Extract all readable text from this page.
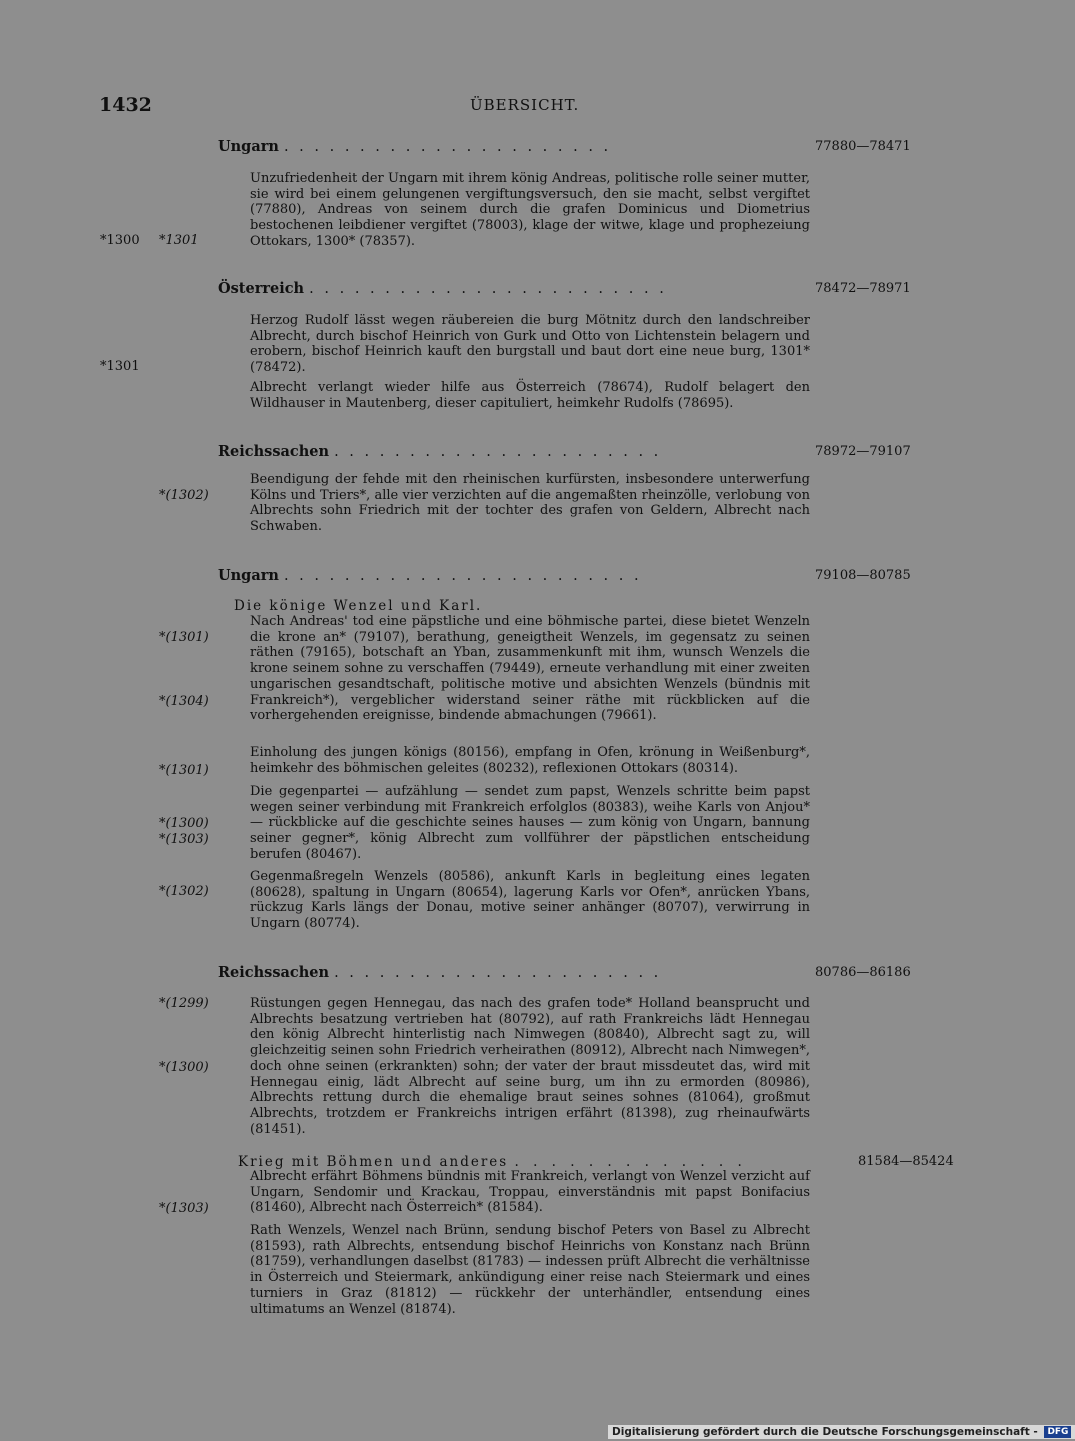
1432	ÜBERSICHT.
Ungarn . . . . . . . . . . . . . . . . . . . . . .	77880—78471
Unzufriedenheit der Ungarn mit ihrem könig Andreas, politische rolle seiner mutter, sie wird bei einem gelungenen vergiftungsversuch, den sie macht, selbst vergiftet (77880), Andreas von seinem durch die grafen Dominicus und Diometrius bestochenen leibdiener vergiftet (78003), klage der witwe, klage und prophezeiung Ottokars, 1300* (78357).
*1300 *1301
Österreich . . . . . . . . . . . . . . . . . . . . . . . .	78472—78971
Herzog Rudolf lässt wegen räubereien die burg Mötnitz durch den landschreiber Albrecht, durch bischof Heinrich von Gurk und Otto von Lichtenstein belagern und erobern, bischof Heinrich kauft den burgstall und baut dort eine neue burg, 1301* (78472).
Albrecht verlangt wieder hilfe aus Österreich (78674), Rudolf belagert den Wildhauser in Mautenberg, dieser capituliert, heimkehr Rudolfs (78695).
*1301
Reichssachen . . . . . . . . . . . . . . . . . . . . . .	78972—79107
Beendigung der fehde mit den rheinischen kurfürsten, insbesondere unterwerfung Kölns und Triers*, alle vier verzichten auf die angemaßten rheinzölle, verlobung von Albrechts sohn Friedrich mit der tochter des grafen von Geldern, Albrecht nach Schwaben.
*(1302)
Ungarn . . . . . . . . . . . . . . . . . . . . . . . .	79108—80785
Die könige Wenzel und Karl.
Nach Andreas' tod eine päpstliche und eine böhmische partei, diese bietet Wenzeln die krone an* (79107), berathung, geneigtheit Wenzels, im gegensatz zu seinen räthen (79165), botschaft an Yban, zusammenkunft mit ihm, wunsch Wenzels die krone seinem sohne zu verschaffen (79449), erneute verhandlung mit einer zweiten ungarischen gesandtschaft, politische motive und absichten Wenzels (bündnis mit Frankreich*), vergeblicher widerstand seiner räthe mit rückblicken auf die vorhergehenden ereignisse, bindende abmachungen (79661).
Einholung des jungen königs (80156), empfang in Ofen, krönung in Weißenburg*, heimkehr des böhmischen geleites (80232), reflexionen Ottokars (80314).
Die gegenpartei — aufzählung — sendet zum papst, Wenzels schritte beim papst wegen seiner verbindung mit Frankreich erfolglos (80383), weihe Karls von Anjou* — rückblicke auf die geschichte seines hauses — zum könig von Ungarn, bannung seiner gegner*, könig Albrecht zum vollführer der päpstlichen entscheidung berufen (80467).
Gegenmaßregeln Wenzels (80586), ankunft Karls in begleitung eines legaten (80628), spaltung in Ungarn (80654), lagerung Karls vor Ofen*, anrücken Ybans, rückzug Karls längs der Donau, motive seiner anhänger (80707), verwirrung in Ungarn (80774).
*(1301)
*(1304)
*(1301)
*(1300)
*(1303)
*(1302)
Reichssachen . . . . . . . . . . . . . . . . . . . . . .	80786—86186
Rüstungen gegen Hennegau, das nach des grafen tode* Holland beansprucht und Albrechts besatzung vertrieben hat (80792), auf rath Frankreichs lädt Hennegau den könig Albrecht hinterlistig nach Nimwegen (80840), Albrecht sagt zu, will gleichzeitig seinen sohn Friedrich verheirathen (80912), Albrecht nach Nimwegen*, doch ohne seinen (erkrankten) sohn; der vater der braut missdeutet das, wird mit Hennegau einig, lädt Albrecht auf seine burg, um ihn zu ermorden (80986), Albrechts rettung durch die ehemalige braut seines sohnes (81064), großmut Albrechts, trotzdem er Frankreichs intrigen erfährt (81398), zug rheinaufwärts (81451).
*(1299)
*(1300)
Krieg mit Böhmen und anderes . . . . . . . . . . . . .	81584—85424
Albrecht erfährt Böhmens bündnis mit Frankreich, verlangt von Wenzel verzicht auf Ungarn, Sendomir und Krackau, Troppau, einverständnis mit papst Bonifacius (81460), Albrecht nach Österreich* (81584).
Rath Wenzels, Wenzel nach Brünn, sendung bischof Peters von Basel zu Albrecht (81593), rath Albrechts, entsendung bischof Heinrichs von Konstanz nach Brünn (81759), verhandlungen daselbst (81783) — indessen prüft Albrecht die verhältnisse in Österreich und Steiermark, ankündigung einer reise nach Steiermark und eines turniers in Graz (81812) — rückkehr der unterhändler, entsendung eines ultimatums an Wenzel (81874).
*(1303)
Digitalisierung gefördert durch die Deutsche Forschungsgemeinschaft - DFG
